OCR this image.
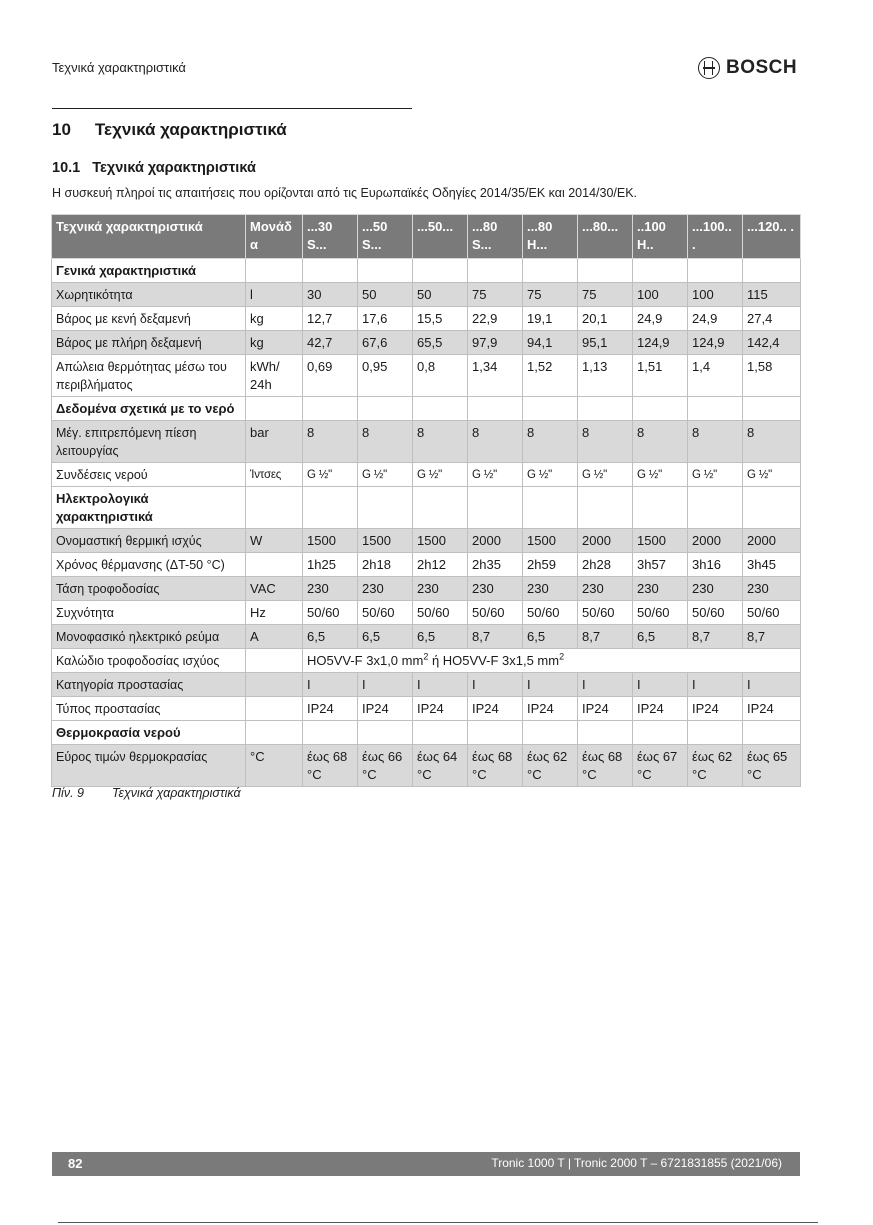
Τεχνικά χαρακτηριστικά	BOSCH
10 Τεχνικά χαρακτηριστικά
10.1 Τεχνικά χαρακτηριστικά
Η συσκευή πληροί τις απαιτήσεις που ορίζονται από τις Ευρωπαϊκές Οδηγίες 2014/35/ΕΚ και 2014/30/ΕΚ.
Τεχνικά χαρακτηριστικά	Μονάδ α	...30 S...	...50 S...	...50...	...80 S...	...80 H...	...80...	..100 H..	...100.. .	...120.. .
Γενικά χαρακτηριστικά										
Χωρητικότητα	l	30	50	50	75	75	75	100	100	115
Βάρος με κενή δεξαμενή	kg	12,7	17,6	15,5	22,9	19,1	20,1	24,9	24,9	27,4
Βάρος με πλήρη δεξαμενή	kg	42,7	67,6	65,5	97,9	94,1	95,1	124,9	124,9	142,4
Απώλεια θερμότητας μέσω του περιβλήματος	kWh/ 24h	0,69	0,95	0,8	1,34	1,52	1,13	1,51	1,4	1,58
Δεδομένα σχετικά με το νερό										
Μέγ. επιτρεπόμενη πίεση λειτουργίας	bar	8	8	8	8	8	8	8	8	8
Συνδέσεις νερού	Ίντσες	G ½"	G ½"	G ½"	G ½"	G ½"	G ½"	G ½"	G ½"	G ½"
Ηλεκτρολογικά χαρακτηριστικά										
Ονομαστική θερμική ισχύς	W	1500	1500	1500	2000	1500	2000	1500	2000	2000
Χρόνος θέρμανσης (ΔT-50 °C)		1h25	2h18	2h12	2h35	2h59	2h28	3h57	3h16	3h45
Τάση τροφοδοσίας	VAC	230	230	230	230	230	230	230	230	230
Συχνότητα	Hz	50/60	50/60	50/60	50/60	50/60	50/60	50/60	50/60	50/60
Μονοφασικό ηλεκτρικό ρεύμα	A	6,5	6,5	6,5	8,7	6,5	8,7	6,5	8,7	8,7
Καλώδιο τροφοδοσίας ισχύος		HO5VV-F 3x1,0 $mm^2$ ή HO5VV-F 3x1,5 $mm^2$
Κατηγορία προστασίας		I	I	I	I	I	I	I	I	I
Τύπος προστασίας		IP24	IP24	IP24	IP24	IP24	IP24	IP24	IP24	IP24
Θερμοκρασία νερού										
Εύρος τιμών θερμοκρασίας	°C	έως 68 °C	έως 66 °C	έως 64 °C	έως 68 °C	έως 62 °C	έως 68 °C	έως 67 °C	έως 62 °C	έως 65 °C
Πίν. 9 Τεχνικά χαρακτηριστικά
82	Tronic 1000 T | Tronic 2000 T – 6721831855 (2021/06)
